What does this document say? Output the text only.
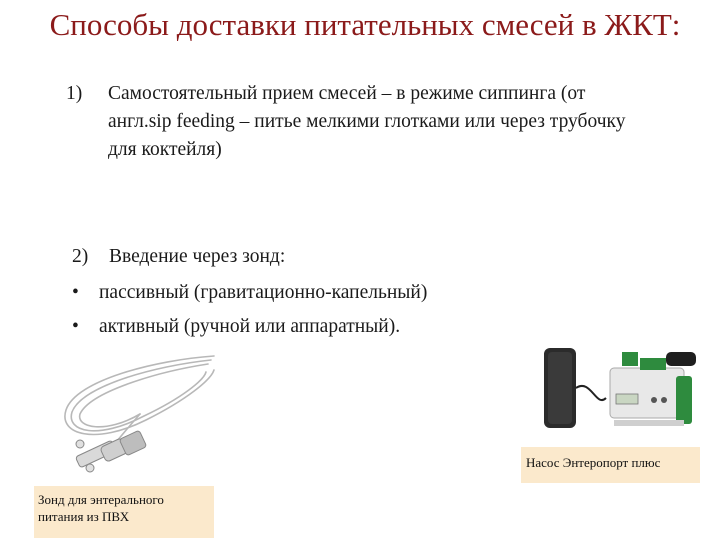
Способы доставки питательных смесей в ЖКТ:
1) Самостоятельный прием смесей – в режиме сиппинга (от англ.sip feeding – питье мелкими глотками или через трубочку для коктейля)
2) Введение через зонд:
• пассивный (гравитационно-капельный)
• активный (ручной или аппаратный).
Зонд для энтерального питания из ПВХ
Насос Энтеропорт плюс
